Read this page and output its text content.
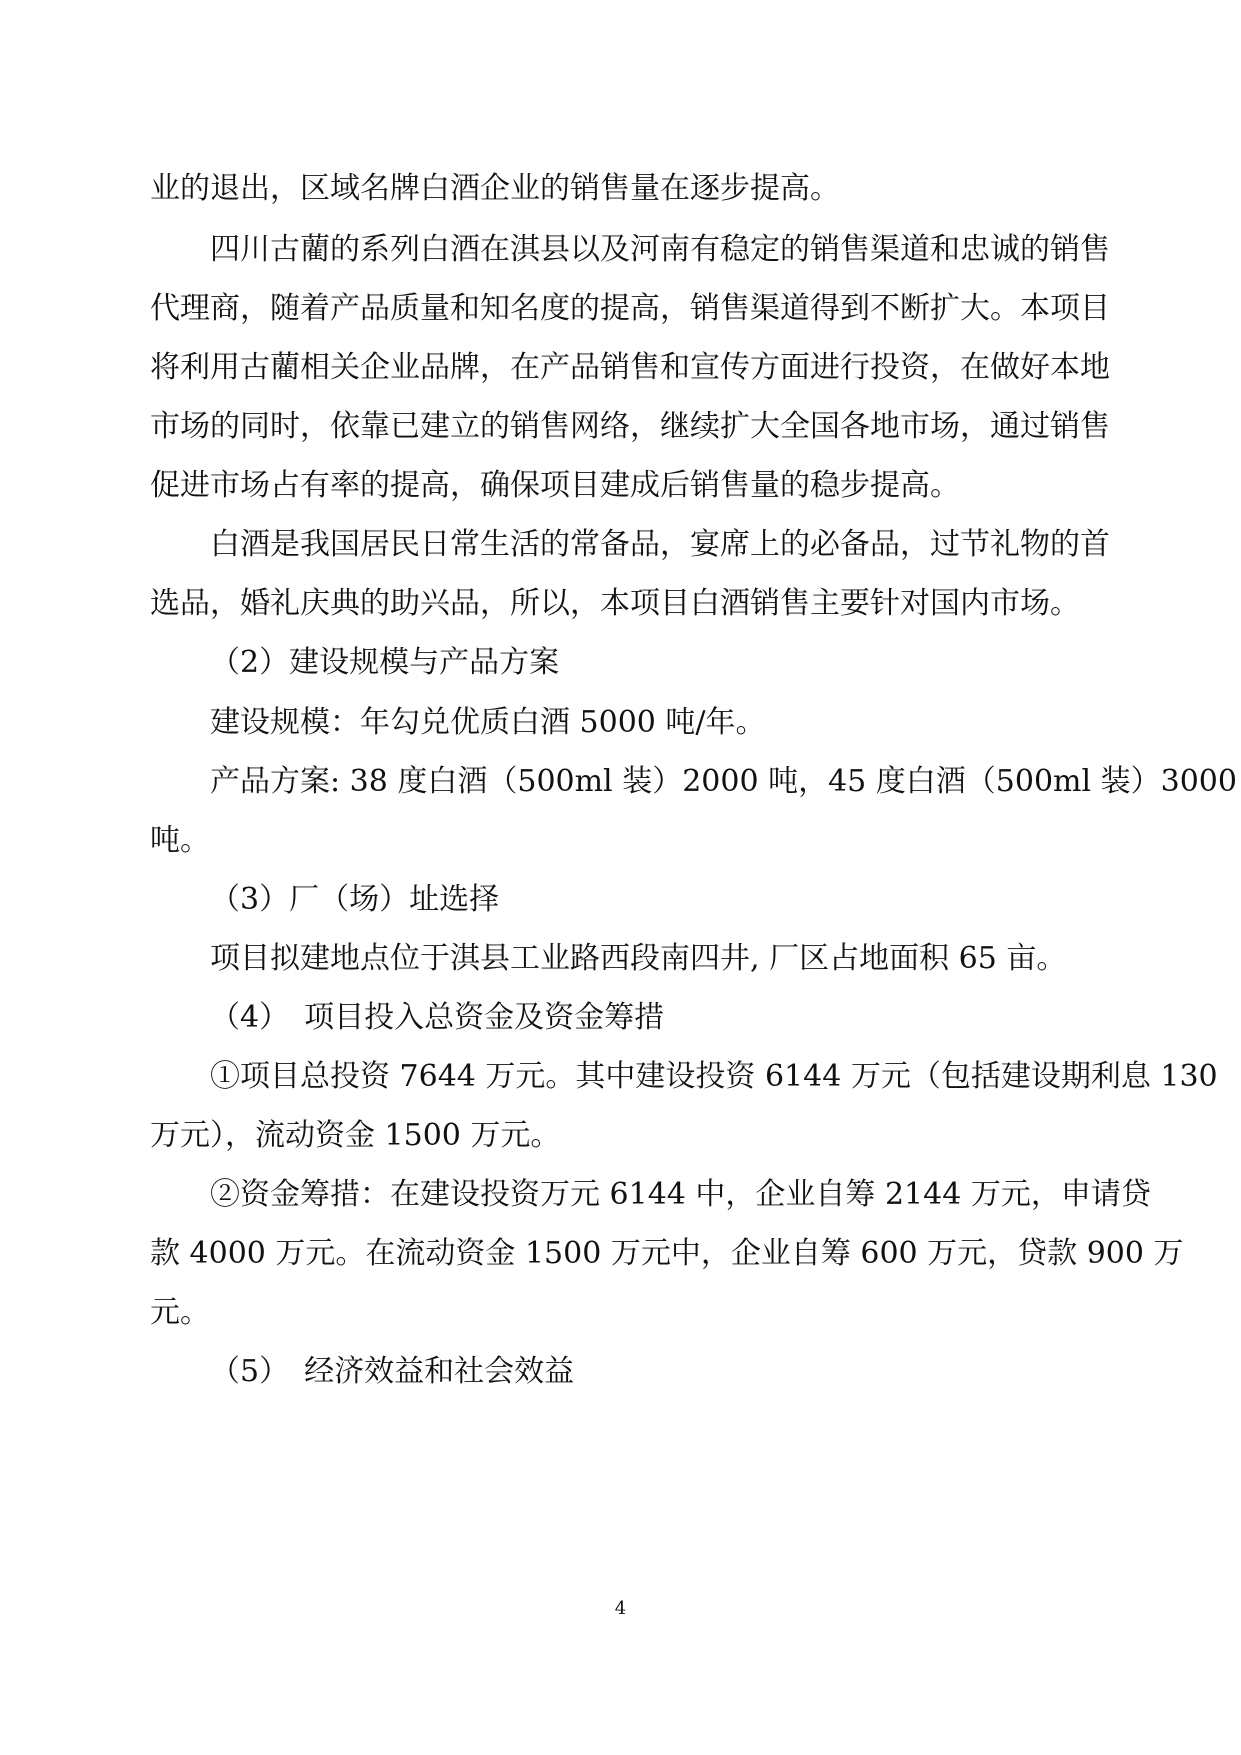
业的退出，区域名牌白酒企业的销售量在逐步提高。
四川古藺的系列白酒在淇县以及河南有稳定的销售渠道和忠诚的销售
代理商，随着产品质量和知名度的提高，销售渠道得到不断扩大。本项目
将利用古藺相关企业品牌，在产品销售和宣传方面进行投资，在做好本地
市场的同时，依靠已建立的销售网络，继续扩大全国各地市场，通过销售
促进市场占有率的提高，确保项目建成后销售量的稳步提高。
白酒是我国居民日常生活的常备品，宴席上的必备品，过节礼物的首
选品，婚礼庆典的助兴品，所以，本项目白酒销售主要针对国内市场。
（2）建设规模与产品方案
建设规模：年勾兑优质白酒 5000 吨/年。
产品方案: 38 度白酒（500ml 装）2000 吨，45 度白酒（500ml 装）3000
吨。
（3）厂（场）址选择
项目拟建地点位于淇县工业路西段南四井, 厂区占地面积 65 亩。
（4）　项目投入总资金及资金筹措
①项目总投资 7644 万元。其中建设投资 6144 万元（包括建设期利息 130
万元），流动资金 1500 万元。
②资金筹措：在建设投资万元 6144 中，企业自筹 2144 万元，申请贷
款 4000 万元。在流动资金 1500 万元中，企业自筹 600 万元，贷款 900 万
元。
（5）　经济效益和社会效益
4
